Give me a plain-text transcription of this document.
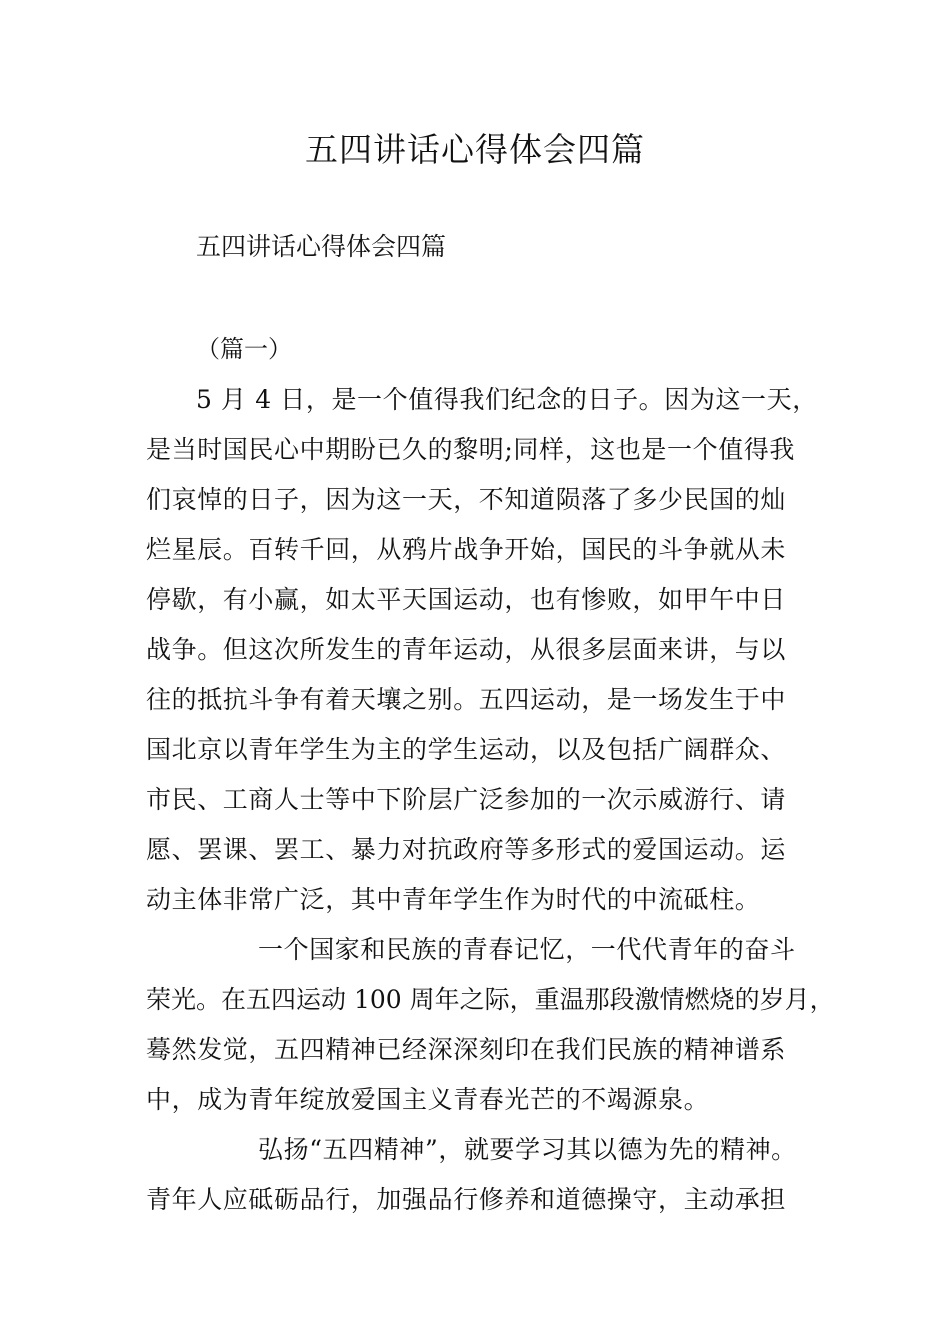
五四讲话心得体会四篇
五四讲话心得体会四篇
（篇一）
5 月 4 日，是一个值得我们纪念的日子。因为这一天，
是当时国民心中期盼已久的黎明;同样，这也是一个值得我
们哀悼的日子，因为这一天，不知道陨落了多少民国的灿
烂星辰。百转千回，从鸦片战争开始，国民的斗争就从未
停歇，有小赢，如太平天国运动，也有惨败，如甲午中日
战争。但这次所发生的青年运动，从很多层面来讲，与以
往的抵抗斗争有着天壤之别。五四运动，是一场发生于中
国北京以青年学生为主的学生运动，以及包括广阔群众、
市民、工商人士等中下阶层广泛参加的一次示威游行、请
愿、罢课、罢工、暴力对抗政府等多形式的爱国运动。运
动主体非常广泛，其中青年学生作为时代的中流砥柱。
一个国家和民族的青春记忆，一代代青年的奋斗
荣光。在五四运动 100 周年之际，重温那段激情燃烧的岁月，
蓦然发觉，五四精神已经深深刻印在我们民族的精神谱系
中，成为青年绽放爱国主义青春光芒的不竭源泉。
弘扬“五四精神”，就要学习其以德为先的精神。
青年人应砥砺品行，加强品行修养和道德操守，主动承担
